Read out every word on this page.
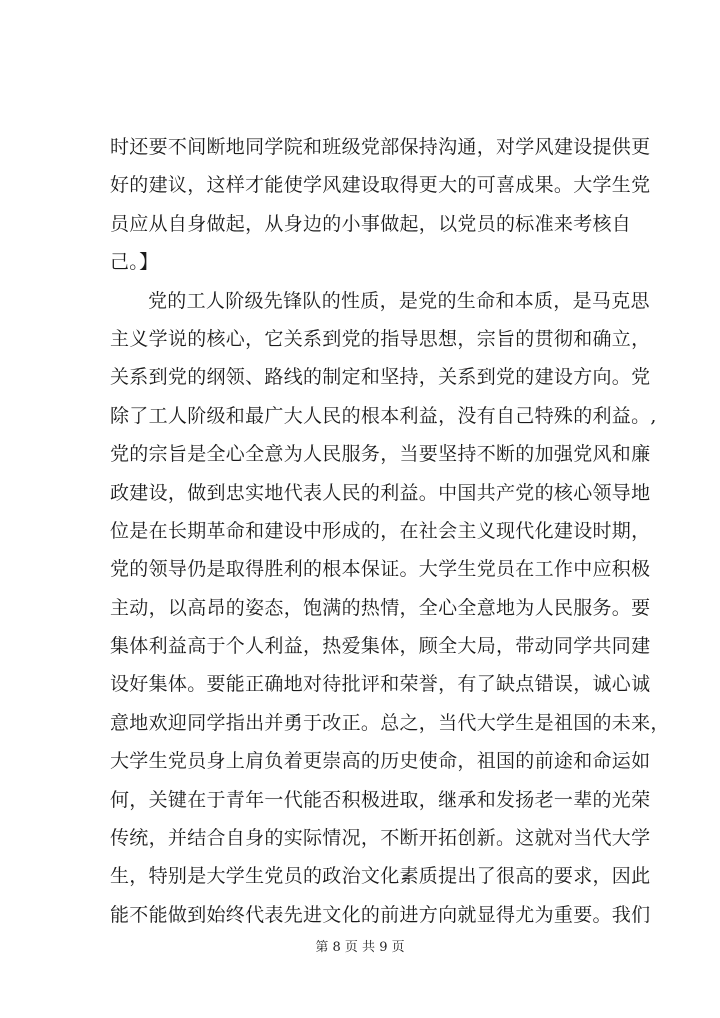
时还要不间断地同学院和班级党部保持沟通，对学风建设提供更
好的建议，这样才能使学风建设取得更大的可喜成果。大学生党
员应从自身做起，从身边的小事做起，以党员的标准来考核自
己。】
党的工人阶级先锋队的性质，是党的生命和本质，是马克思
主义学说的核心，它关系到党的指导思想，宗旨的贯彻和确立，
关系到党的纲领、路线的制定和坚持，关系到党的建设方向。党
除了工人阶级和最广大人民的根本利益，没有自己特殊的利益。,
党的宗旨是全心全意为人民服务，当要坚持不断的加强党风和廉
政建设，做到忠实地代表人民的利益。中国共产党的核心领导地
位是在长期革命和建设中形成的，在社会主义现代化建设时期，
党的领导仍是取得胜利的根本保证。大学生党员在工作中应积极
主动，以高昂的姿态，饱满的热情，全心全意地为人民服务。要
集体利益高于个人利益，热爱集体，顾全大局，带动同学共同建
设好集体。要能正确地对待批评和荣誉，有了缺点错误，诚心诚
意地欢迎同学指出并勇于改正。总之，当代大学生是祖国的未来，
大学生党员身上肩负着更崇高的历史使命，祖国的前途和命运如
何，关键在于青年一代能否积极进取，继承和发扬老一辈的光荣
传统，并结合自身的实际情况，不断开拓创新。这就对当代大学
生，特别是大学生党员的政治文化素质提出了很高的要求，因此
能不能做到始终代表先进文化的前进方向就显得尤为重要。我们
第 8 页 共 9 页
